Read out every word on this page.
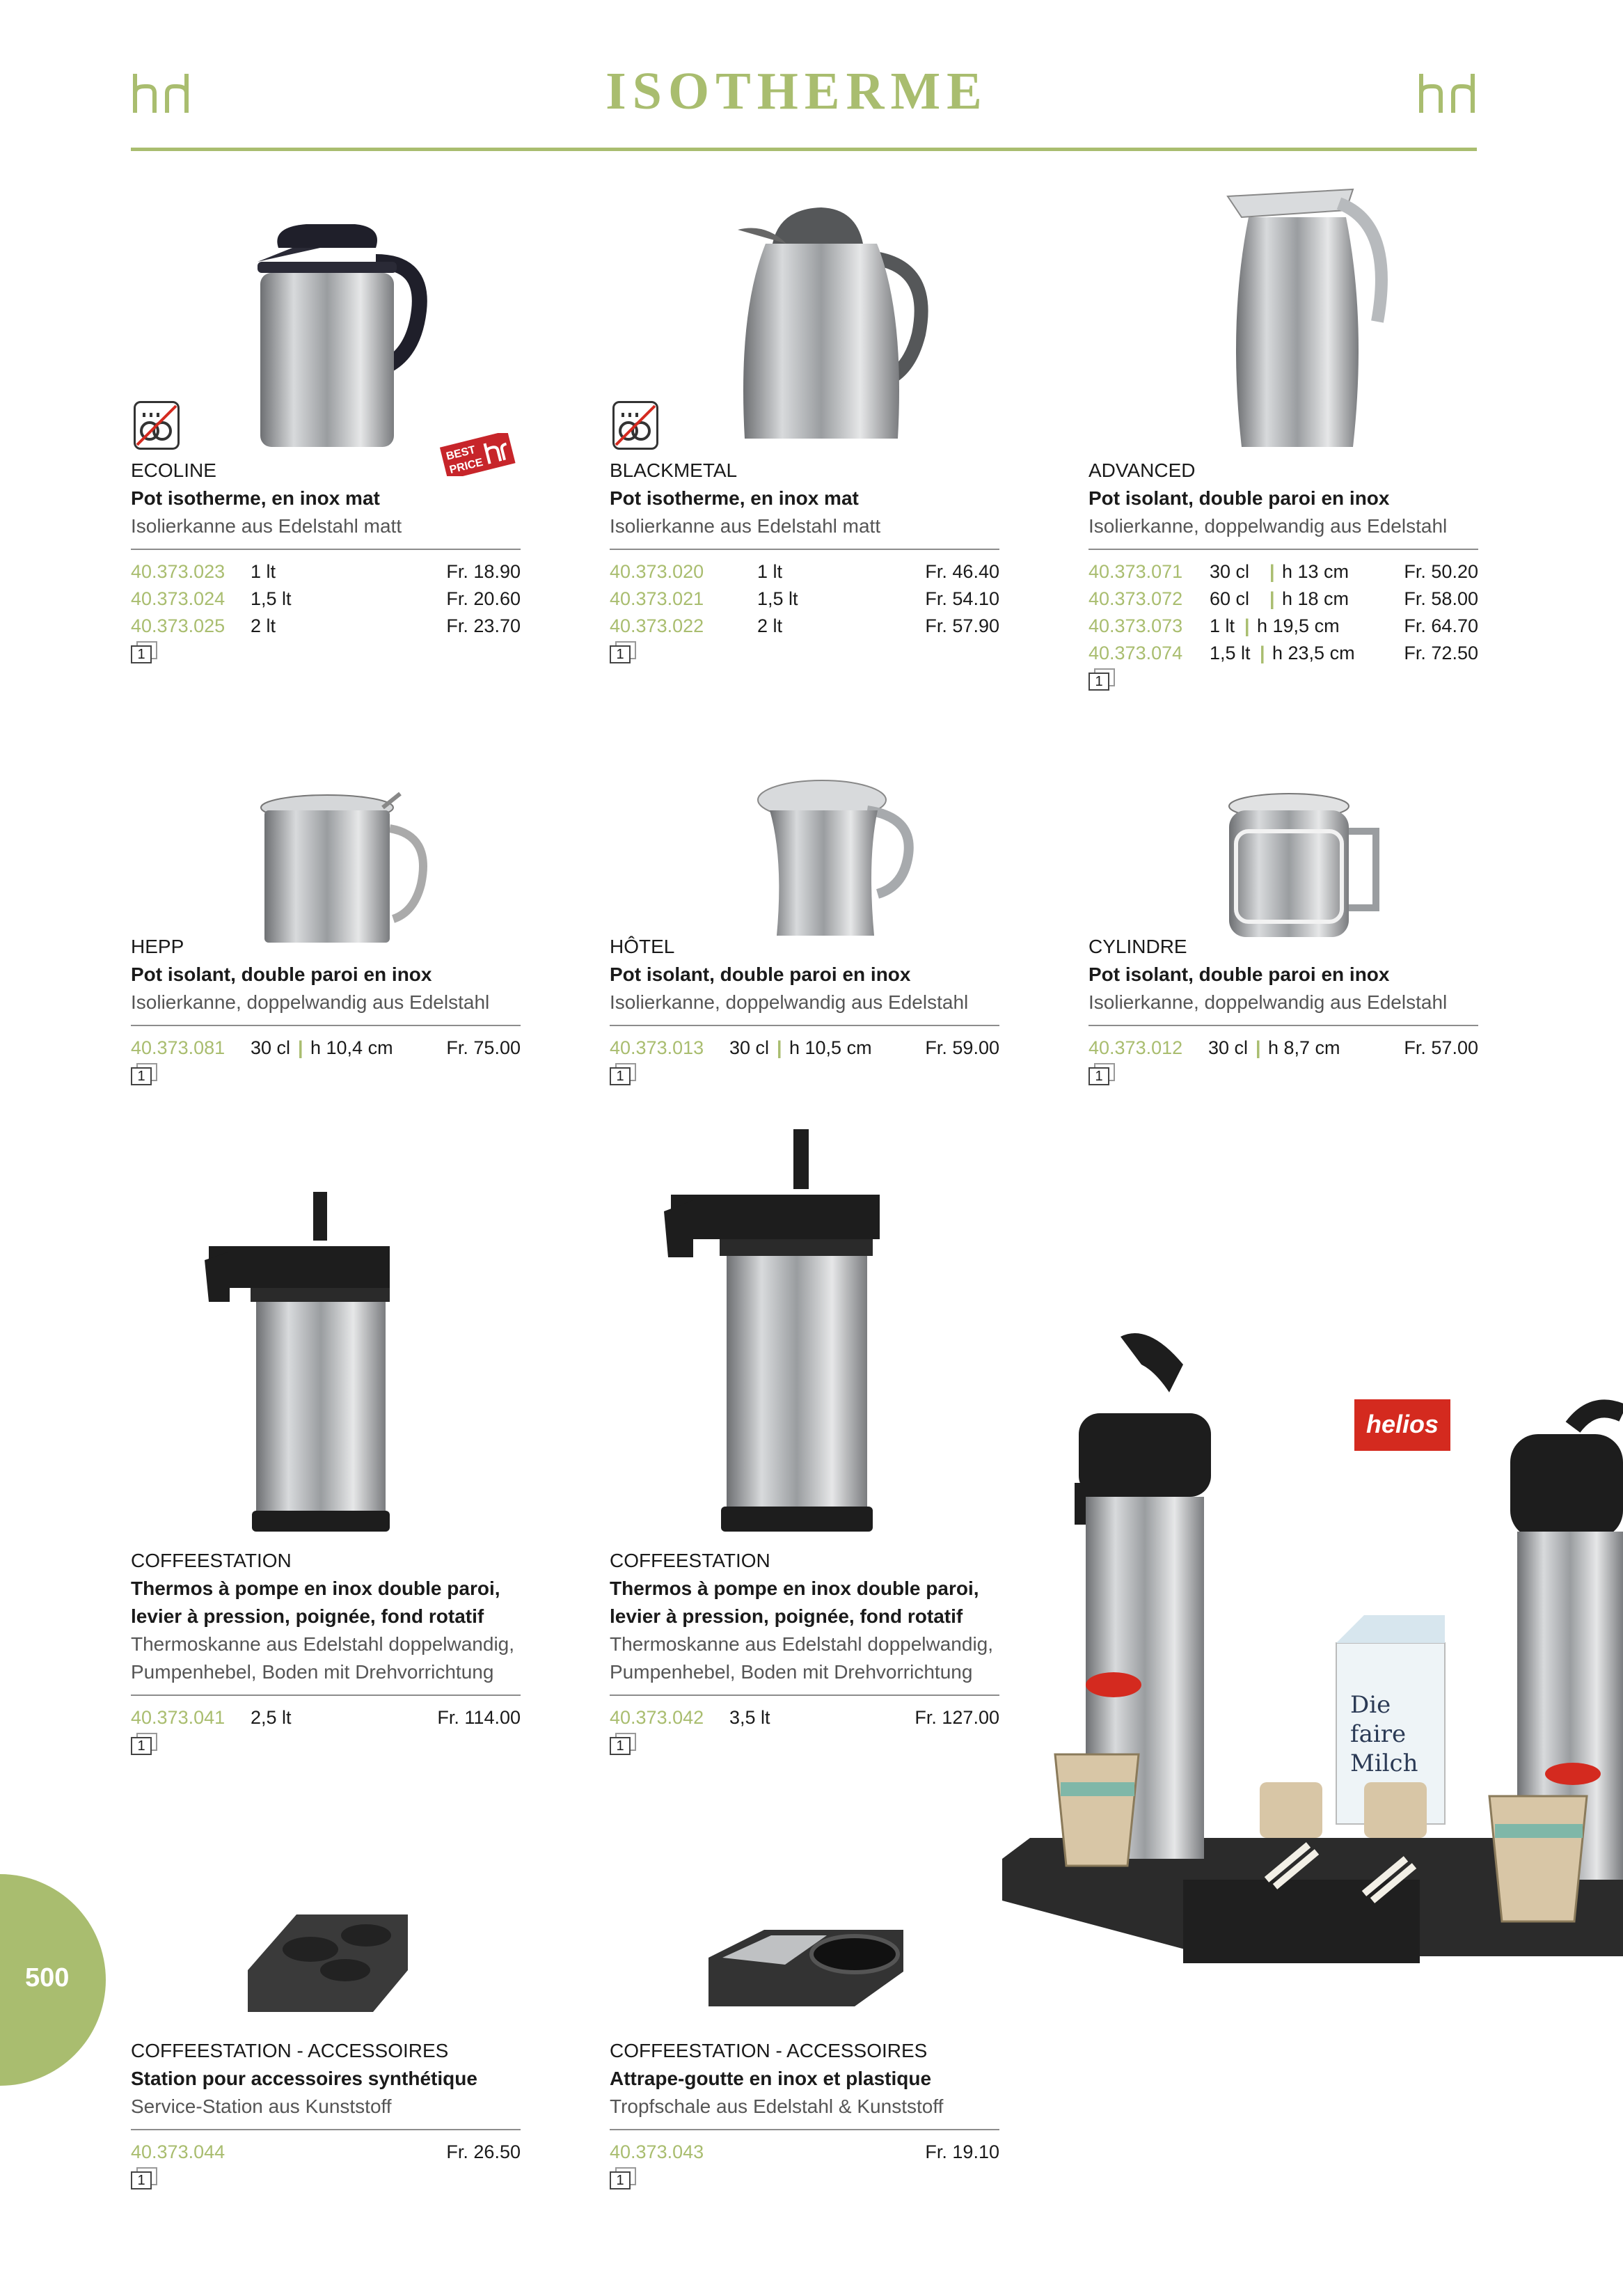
ISOTHERME
BEST
PRICE
ECOLINE
Pot isotherme, en inox mat
Isolierkanne aus Edelstahl matt
40.373.023 1 lt	Fr. 18.90
40.373.024 1,5 lt	Fr. 20.60
40.373.025 2 lt	Fr. 23.70
1
BLACKMETAL
Pot isotherme, en inox mat
Isolierkanne aus Edelstahl matt
40.373.020	1 lt	Fr. 46.40
40.373.021	1,5 lt	Fr. 54.10
40.373.022	2 lt	Fr. 57.90
1
ADVANCED
Pot isolant, double paroi en inox
Isolierkanne, doppelwandig aus Edelstahl
40.373.071 30 cl | h 13 cm	Fr. 50.20
40.373.072 60 cl | h 18 cm	Fr. 58.00
40.373.073 1 lt | h 19,5 cm	Fr. 64.70
40.373.074 1,5 lt | h 23,5 cm	Fr. 72.50
1
HEPP
Pot isolant, double paroi en inox
Isolierkanne, doppelwandig aus Edelstahl
40.373.081 30 cl | h 10,4 cm	Fr. 75.00
1
HÔTEL
Pot isolant, double paroi en inox
Isolierkanne, doppelwandig aus Edelstahl
40.373.013 30 cl | h 10,5 cm	Fr. 59.00
1
CYLINDRE
Pot isolant, double paroi en inox
Isolierkanne, doppelwandig aus Edelstahl
40.373.012 30 cl | h 8,7 cm	Fr. 57.00
1
COFFEESTATION
Thermos à pompe en inox double paroi,
levier à pression, poignée, fond rotatif
Thermoskanne aus Edelstahl doppelwandig,
Pumpenhebel, Boden mit Drehvorrichtung
40.373.041 2,5 lt	Fr. 114.00
1
COFFEESTATION
Thermos à pompe en inox double paroi,
levier à pression, poignée, fond rotatif
Thermoskanne aus Edelstahl doppelwandig,
Pumpenhebel, Boden mit Drehvorrichtung
40.373.042 3,5 lt	Fr. 127.00
1
COFFEESTATION - ACCESSOIRES
Station pour accessoires synthétique
Service-Station aus Kunststoff
40.373.044	Fr. 26.50
1
COFFEESTATION - ACCESSOIRES
Attrape-goutte en inox et plastique
Tropfschale aus Edelstahl & Kunststoff
40.373.043	Fr. 19.10
1
Die
faire
Milch
helios
500
